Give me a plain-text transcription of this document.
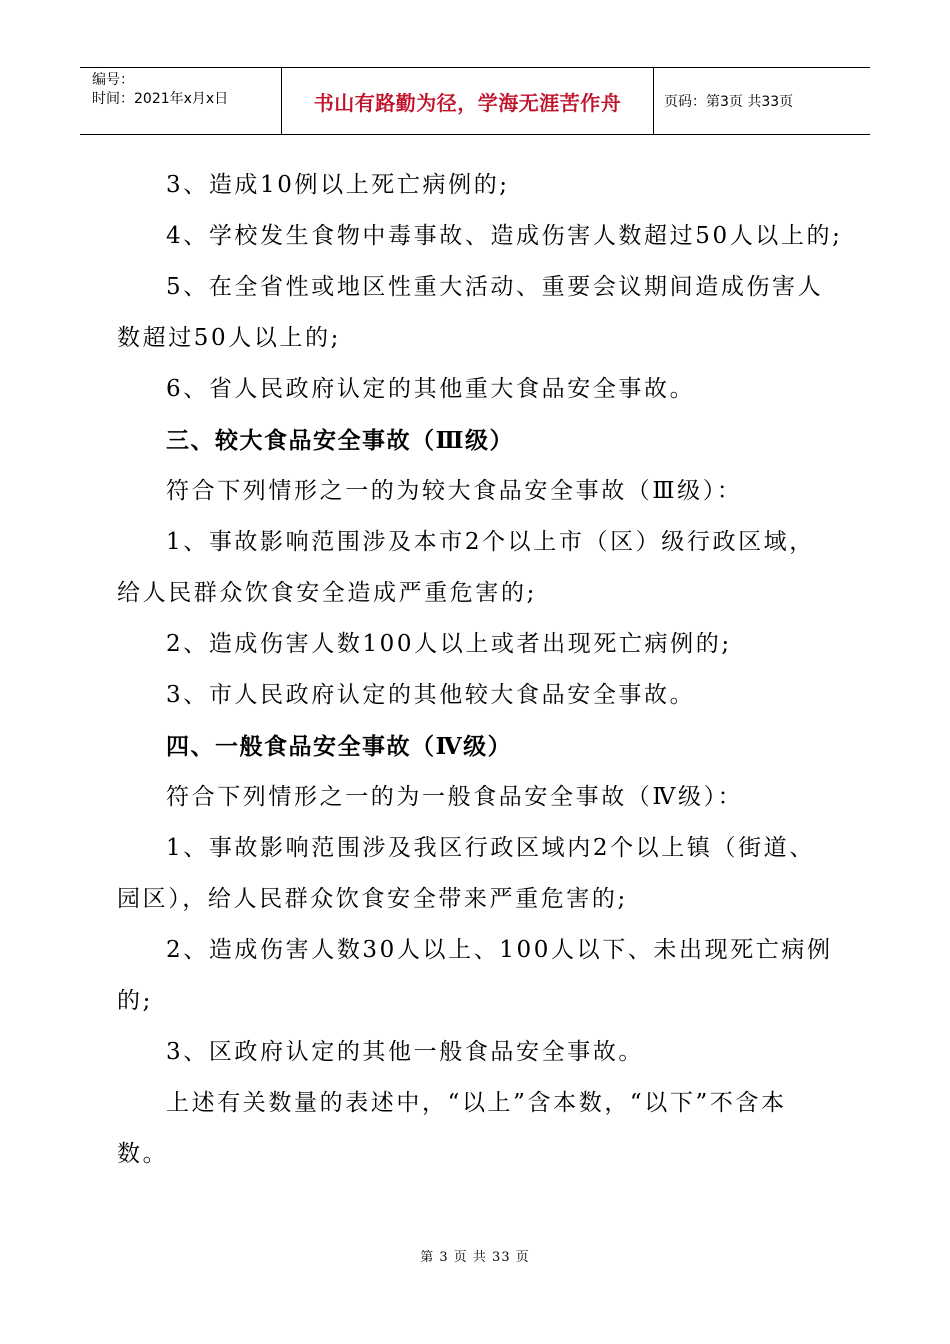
编号：
时间：2021年x月x日	书山有路勤为径，学海无涯苦作舟	页码：第3页 共33页
3、造成10例以上死亡病例的;
4、学校发生食物中毒事故、造成伤害人数超过50人以上的;
5、在全省性或地区性重大活动、重要会议期间造成伤害人
数超过50人以上的;
6、省人民政府认定的其他重大食品安全事故。
三、较大食品安全事故（Ⅲ级）
符合下列情形之一的为较大食品安全事故（Ⅲ级）：
1、事故影响范围涉及本市2个以上市（区）级行政区域，
给人民群众饮食安全造成严重危害的;
2、造成伤害人数100人以上或者出现死亡病例的;
3、市人民政府认定的其他较大食品安全事故。
四、一般食品安全事故（Ⅳ级）
符合下列情形之一的为一般食品安全事故（Ⅳ级）：
1、事故影响范围涉及我区行政区域内2个以上镇（街道、
园区），给人民群众饮食安全带来严重危害的;
2、造成伤害人数30人以上、100人以下、未出现死亡病例
的;
3、区政府认定的其他一般食品安全事故。
上述有关数量的表述中，“以上”含本数，“以下”不含本
数。
第 3 页 共 33 页
